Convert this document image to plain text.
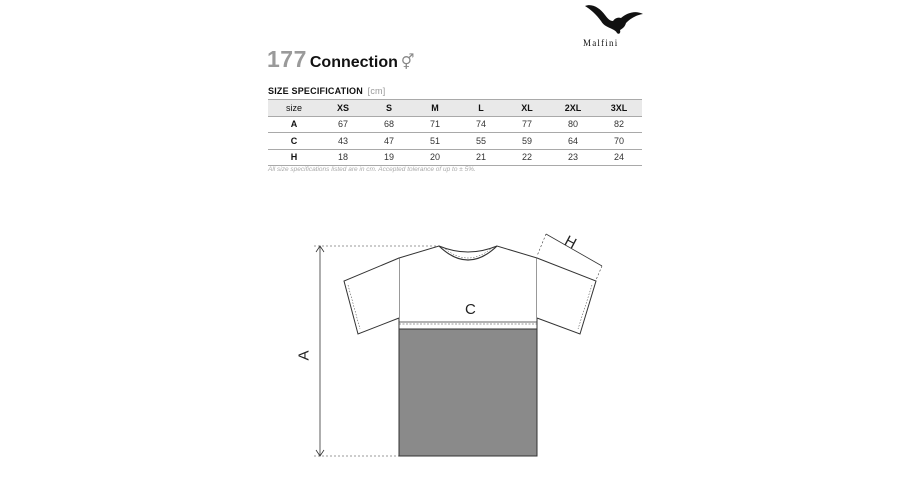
Malfini
177 Connection ⚥
SIZE SPECIFICATION [cm]
size	XS	S	M	L	XL	2XL	3XL
A	67	68	71	74	77	80	82
C	43	47	51	55	59	64	70
H	18	19	20	21	22	23	24
All size specifications listed are in cm. Accepted tolerance of up to ± 5%.
A
C
H
